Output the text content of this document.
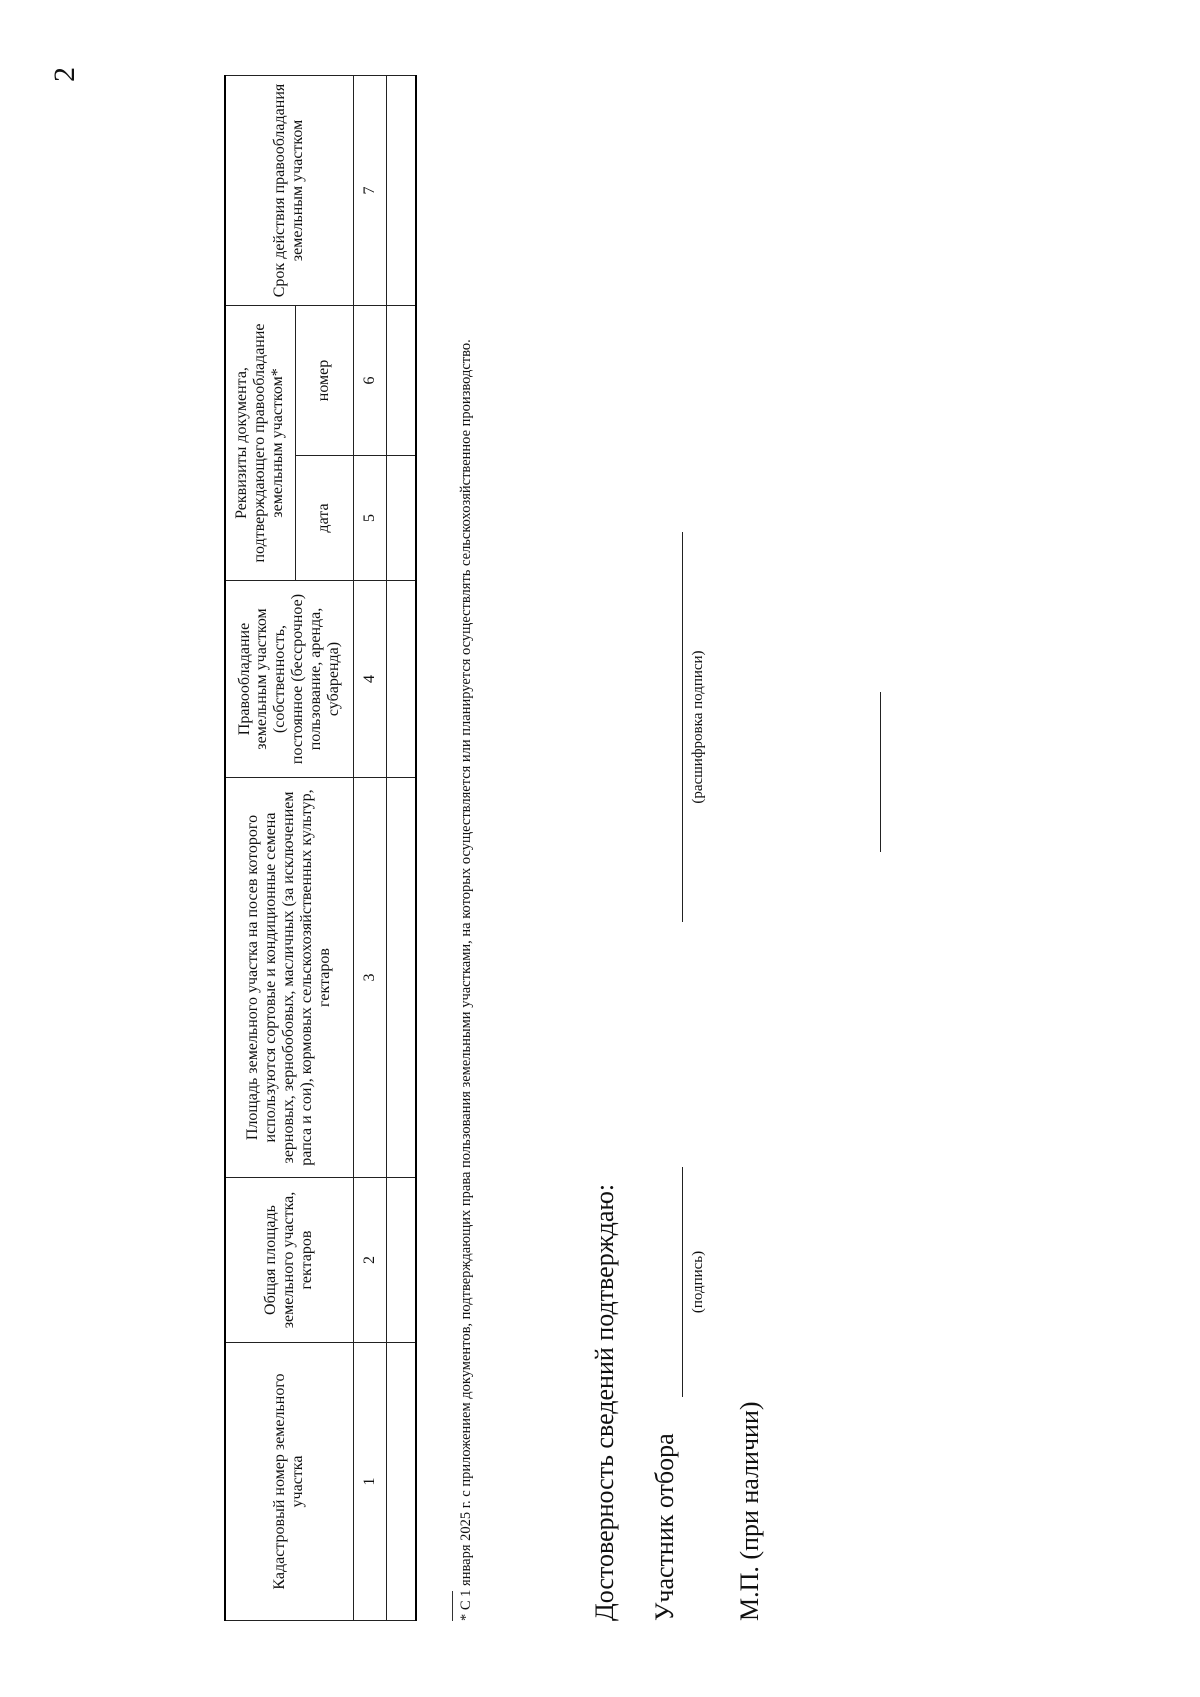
2
Кадастровый номер земельного участка	Общая площадь земельного участка, гектаров	Площадь земельного участка на посев которого используются сортовые и кондиционные семена зерновых, зернобобовых, масличных (за исключением рапса и сои), кормовых сельскохозяйственных культур, гектаров	Правообладание земельным участком (собственность, постоянное (бессрочное) пользование, аренда, субаренда)	Реквизиты документа, подтверждающего правообладание земельным участком*		Срок действия правообладания земельным участком
				дата	номер	
1	2	3	4	5	6	7

* С 1 января 2025 г. с приложением документов, подтверждающих права пользования земельными участками, на которых осуществляется или планируется осуществлять сельскохозяйственное производство.	Достоверность сведений подтверждаю: Участник отбора
(подпись)
(расшифровка подписи)
М.П. (при наличии)
